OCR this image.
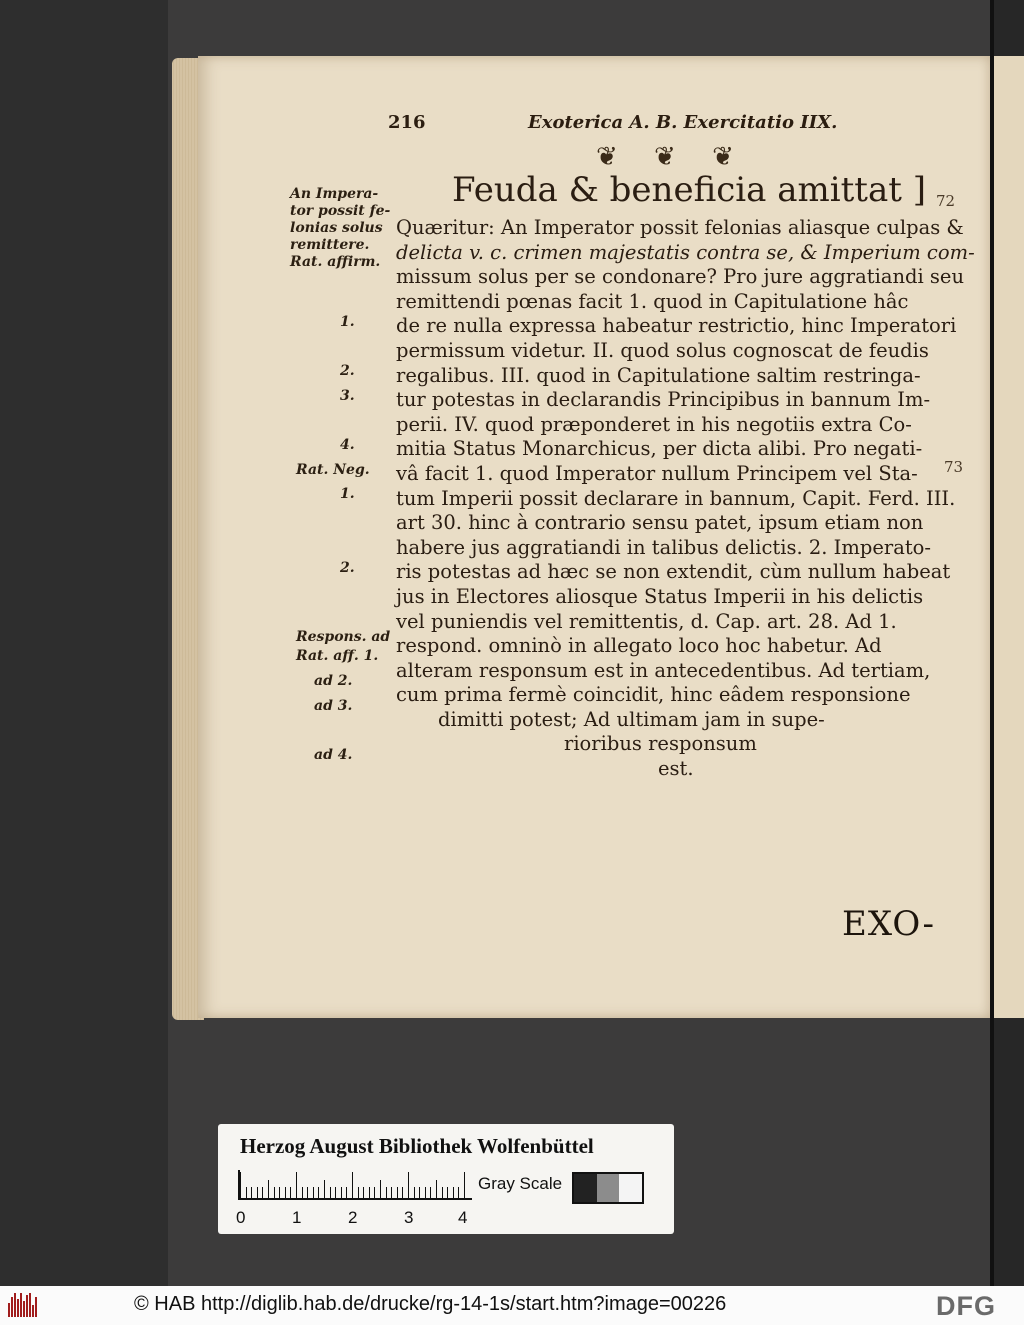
216	Exoterica A. B. Exercitatio IIX.
❦ ❦ ❦
Feuda & beneficia amittat ] 72
73
An Impera-
tor possit fe-
lonias solus
remittere.
Rat. affirm.
1.
2.
3.
4.
Rat. Neg.
1.
2.
Respons. ad
Rat. aff. 1.
ad 2.
ad 3.
ad 4.
Quæritur: An Imperator possit felonias aliasque culpas &
delicta v. c. crimen majestatis contra se, & Imperium com-
missum solus per se condonare? Pro jure aggratiandi seu
remittendi pœnas facit 1. quod in Capitulatione hâc
de re nulla expressa habeatur restrictio, hinc Imperatori
permissum videtur. II. quod solus cognoscat de feudis
regalibus. III. quod in Capitulatione saltim restringa-
tur potestas in declarandis Principibus in bannum Im-
perii. IV. quod præponderet in his negotiis extra Co-
mitia Status Monarchicus, per dicta alibi. Pro negati-
vâ facit 1. quod Imperator nullum Principem vel Sta-
tum Imperii possit declarare in bannum, Capit. Ferd. III.
art 30. hinc à contrario sensu patet, ipsum etiam non
habere jus aggratiandi in talibus delictis. 2. Imperato-
ris potestas ad hæc se non extendit, cùm nullum habeat
jus in Electores aliosque Status Imperii in his delictis
vel puniendis vel remittentis, d. Cap. art. 28. Ad 1.
respond. omninò in allegato loco hoc habetur. Ad
alteram responsum est in antecedentibus. Ad tertiam,
cum prima fermè coincidit, hinc eâdem responsione
dimitti potest; Ad ultimam jam in supe-
rioribus responsum
est.
EXO-
Herzog August Bibliothek Wolfenbüttel
0	1	2	3	4
Gray Scale
© HAB http://diglib.hab.de/drucke/rg-14-1s/start.htm?image=00226	DFG
